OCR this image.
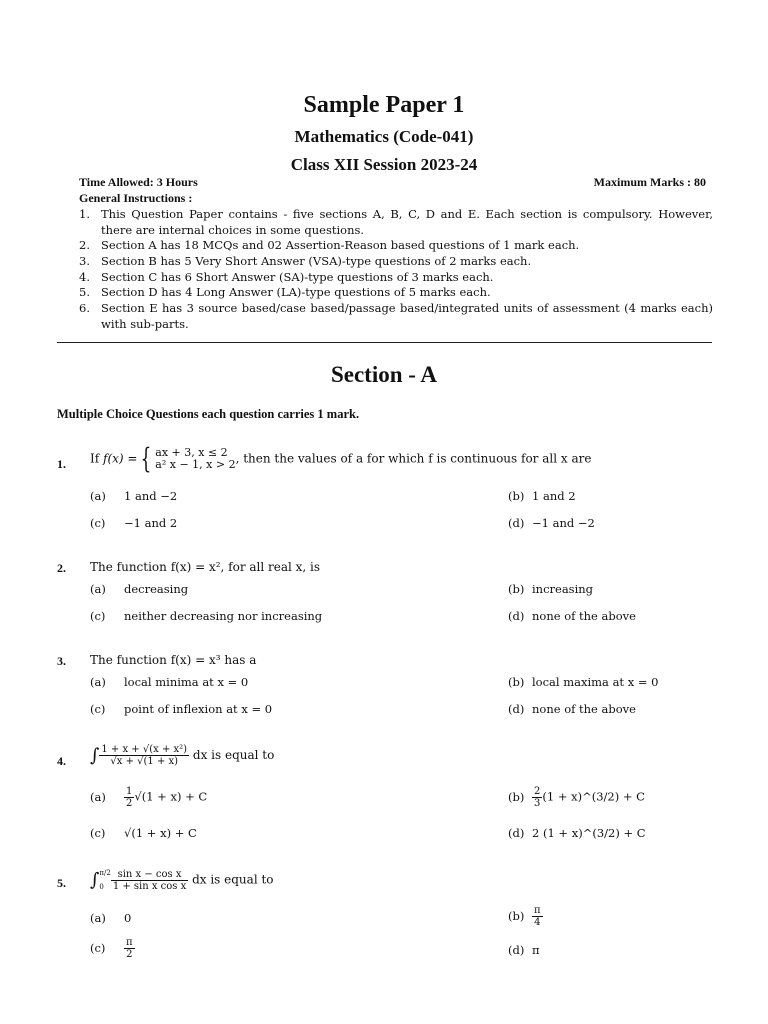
Sample Paper 1
Mathematics (Code-041)
Class XII Session 2023-24
Time Allowed: 3 Hours	Maximum Marks : 80
General Instructions :
1. This Question Paper contains - five sections A, B, C, D and E. Each section is compulsory. However, there are internal choices in some questions.
2. Section A has 18 MCQs and 02 Assertion-Reason based questions of 1 mark each.
3. Section B has 5 Very Short Answer (VSA)-type questions of 2 marks each.
4. Section C has 6 Short Answer (SA)-type questions of 3 marks each.
5. Section D has 4 Long Answer (LA)-type questions of 5 marks each.
6. Section E has 3 source based/case based/passage based/integrated units of assessment (4 marks each) with sub-parts.
Section - A
Multiple Choice Questions each question carries 1 mark.
1. If f(x) = { ax + 3, x ≤ 2
a² x − 1, x > 2 , then the values of a for which f is continuous for all x are
(a) 1 and −2	(b) 1 and 2
(c) −1 and 2	(d) −1 and −2
2. The function f(x) = x², for all real x, is
(a) decreasing	(b) increasing
(c) neither decreasing nor increasing	(d) none of the above
3. The function f(x) = x³ has a
(a) local minima at x = 0	(b) local maxima at x = 0
(c) point of inflexion at x = 0	(d) none of the above
4. ∫ $\frac{\text{1 + x + √(x + x²)}}{√x + √(1 + x)}$ dx is equal to
$(a) \frac{1}{2} √(1 + x) + C$	$(b) \frac{2}{3} (1$ + x)^(3/2) + C
(c) √(1 + x) + C	(d) 2 (1 + x)^(3/2) + C
5. ∫ π/2
$0 \frac{\text{sin x − cos x}}{\text{1 + sin x cos x}}$ dx is equal to
(a) 0	$(b) \frac{\pi}{4}$
$(c) \frac{\pi}{2}$	(d) π
